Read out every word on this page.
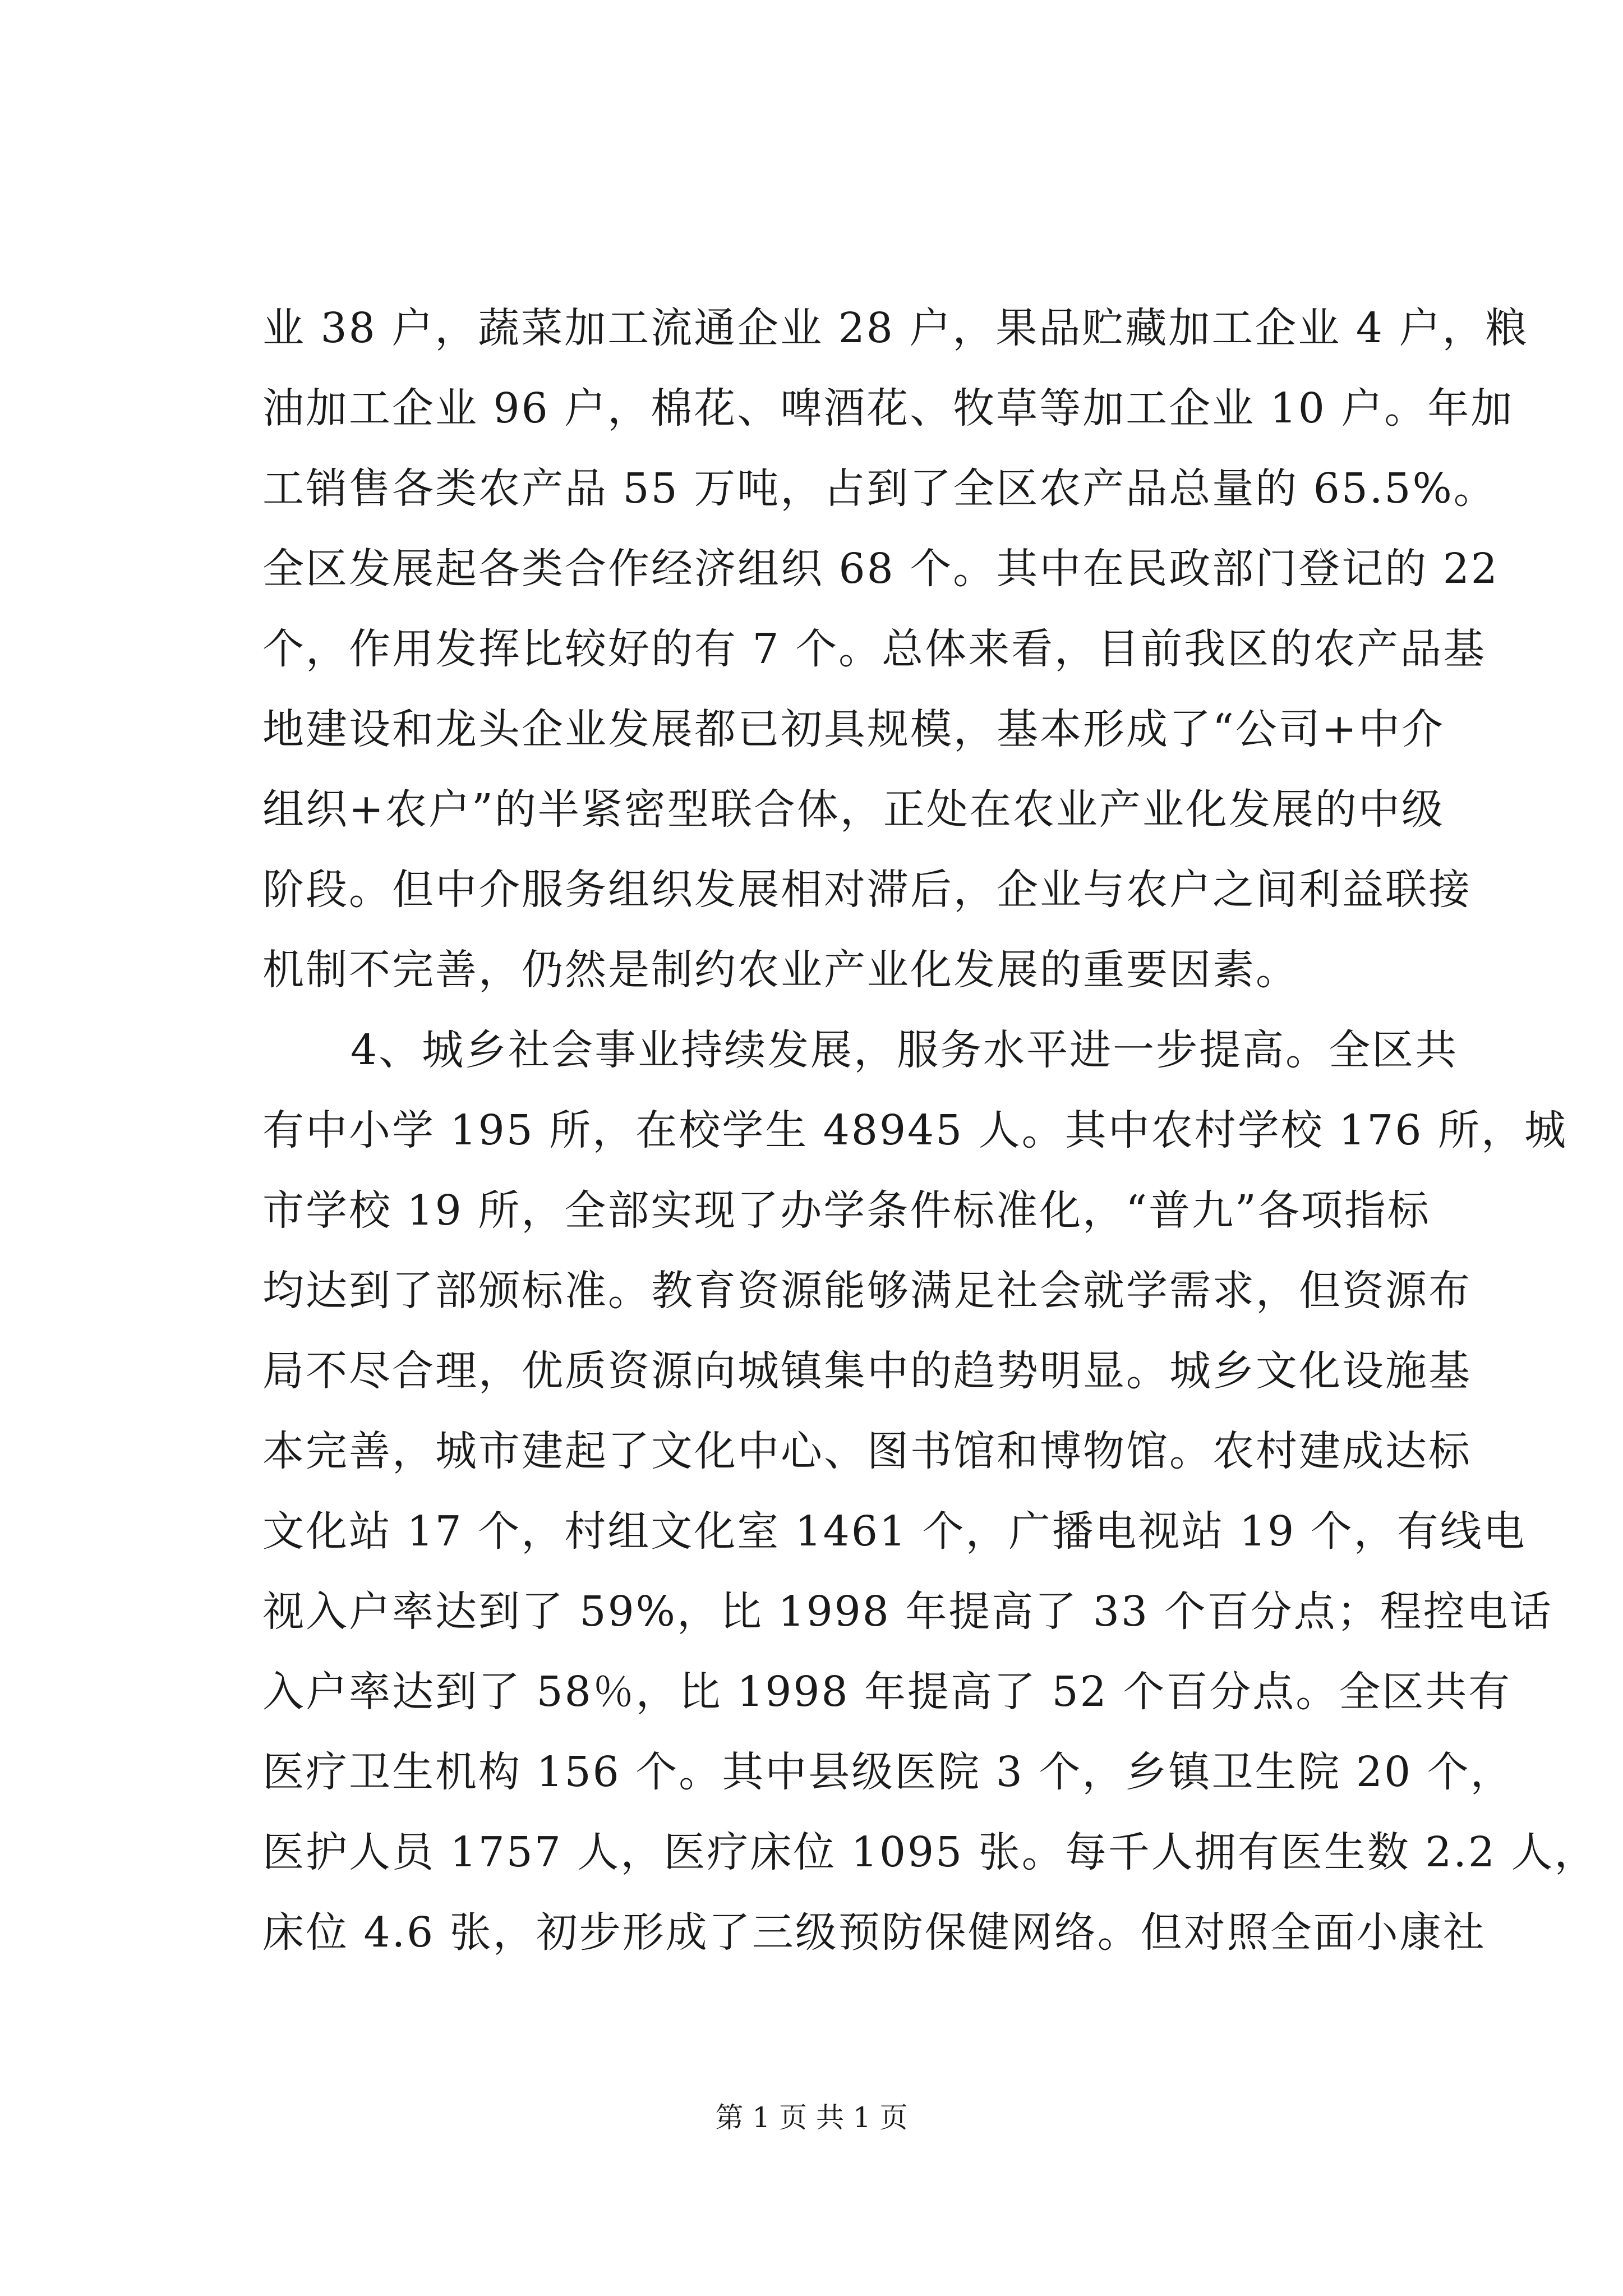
业 38 户，蔬菜加工流通企业 28 户，果品贮藏加工企业 4 户，粮
油加工企业 96 户，棉花、啤酒花、牧草等加工企业 10 户。年加
工销售各类农产品 55 万吨，占到了全区农产品总量的 65.5%。
全区发展起各类合作经济组织 68 个。其中在民政部门登记的 22
个，作用发挥比较好的有 7 个。总体来看，目前我区的农产品基
地建设和龙头企业发展都已初具规模，基本形成了“公司+中介
组织+农户”的半紧密型联合体，正处在农业产业化发展的中级
阶段。但中介服务组织发展相对滞后，企业与农户之间利益联接
机制不完善，仍然是制约农业产业化发展的重要因素。
4、城乡社会事业持续发展，服务水平进一步提高。全区共
有中小学 195 所，在校学生 48945 人。其中农村学校 176 所，城
市学校 19 所，全部实现了办学条件标准化，“普九”各项指标
均达到了部颁标准。教育资源能够满足社会就学需求，但资源布
局不尽合理，优质资源向城镇集中的趋势明显。城乡文化设施基
本完善，城市建起了文化中心、图书馆和博物馆。农村建成达标
文化站 17 个，村组文化室 1461 个，广播电视站 19 个，有线电
视入户率达到了 59%，比 1998 年提高了 33 个百分点；程控电话
入户率达到了 58％，比 1998 年提高了 52 个百分点。全区共有
医疗卫生机构 156 个。其中县级医院 3 个，乡镇卫生院 20 个，
医护人员 1757 人，医疗床位 1095 张。每千人拥有医生数 2.2 人，
床位 4.6 张，初步形成了三级预防保健网络。但对照全面小康社
第 1 页 共 1 页
